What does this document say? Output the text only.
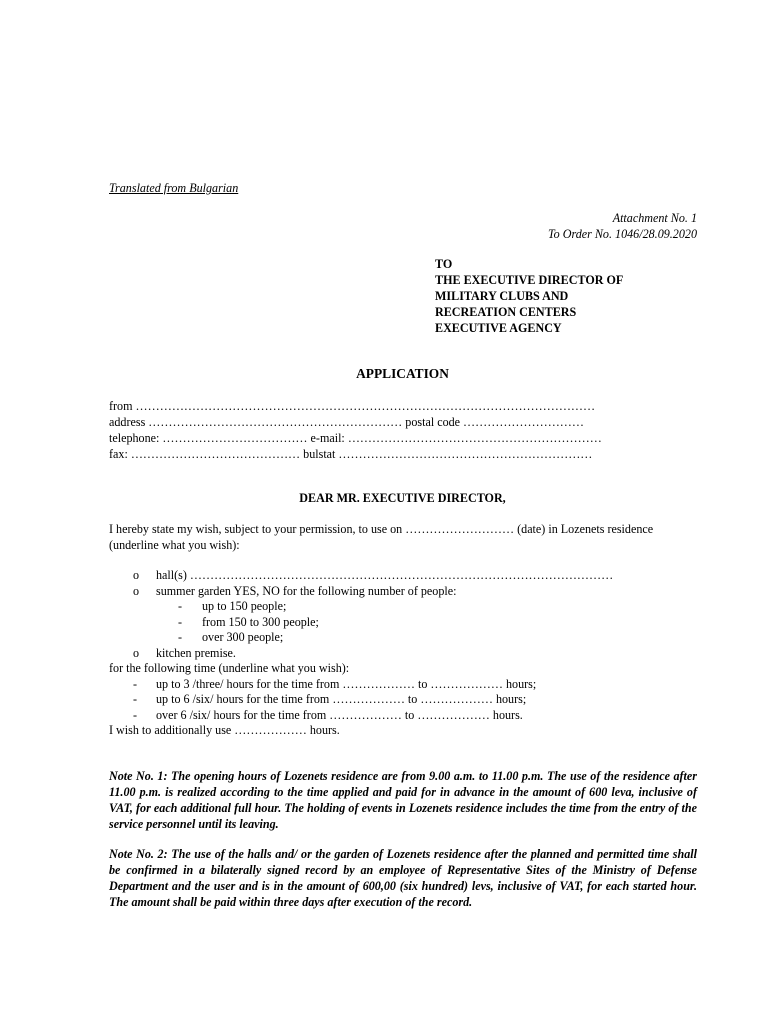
Translated from Bulgarian
Attachment No. 1
To Order No. 1046/28.09.2020
TO
THE EXECUTIVE DIRECTOR OF
MILITARY CLUBS AND
RECREATION CENTERS
EXECUTIVE AGENCY
APPLICATION
from ……………………………………………………………………………………………………
address ……………………………………………………… postal code …………………………
telephone: ……………………………… e-mail: ………………………………………………………
fax: …………………………………… bulstat ………………………………………………………
DEAR MR. EXECUTIVE DIRECTOR,
I hereby state my wish, subject to your permission, to use on ……………………… (date) in Lozenets residence (underline what you wish):
o hall(s) ……………………………………………………………………………………………
o summer garden YES, NO for the following number of people:
- up to 150 people;
- from 150 to 300 people;
- over 300 people;
o kitchen premise.
for the following time (underline what you wish):
- up to 3 /three/ hours for the time from ……………… to ……………… hours;
- up to 6 /six/ hours for the time from ……………… to ……………… hours;
- over 6 /six/ hours for the time from ……………… to ……………… hours.
I wish to additionally use ……………… hours.

Note No. 1: The opening hours of Lozenets residence are from 9.00 a.m. to 11.00 p.m. The use of the residence after 11.00 p.m. is realized according to the time applied and paid for in advance in the amount of 600 leva, inclusive of VAT, for each additional full hour. The holding of events in Lozenets residence includes the time from the entry of the service personnel until its leaving.

Note No. 2: The use of the halls and/ or the garden of Lozenets residence after the planned and permitted time shall be confirmed in a bilaterally signed record by an employee of Representative Sites of the Ministry of Defense Department and the user and is in the amount of 600,00 (six hundred) levs, inclusive of VAT, for each started hour. The amount shall be paid within three days after execution of the record.
